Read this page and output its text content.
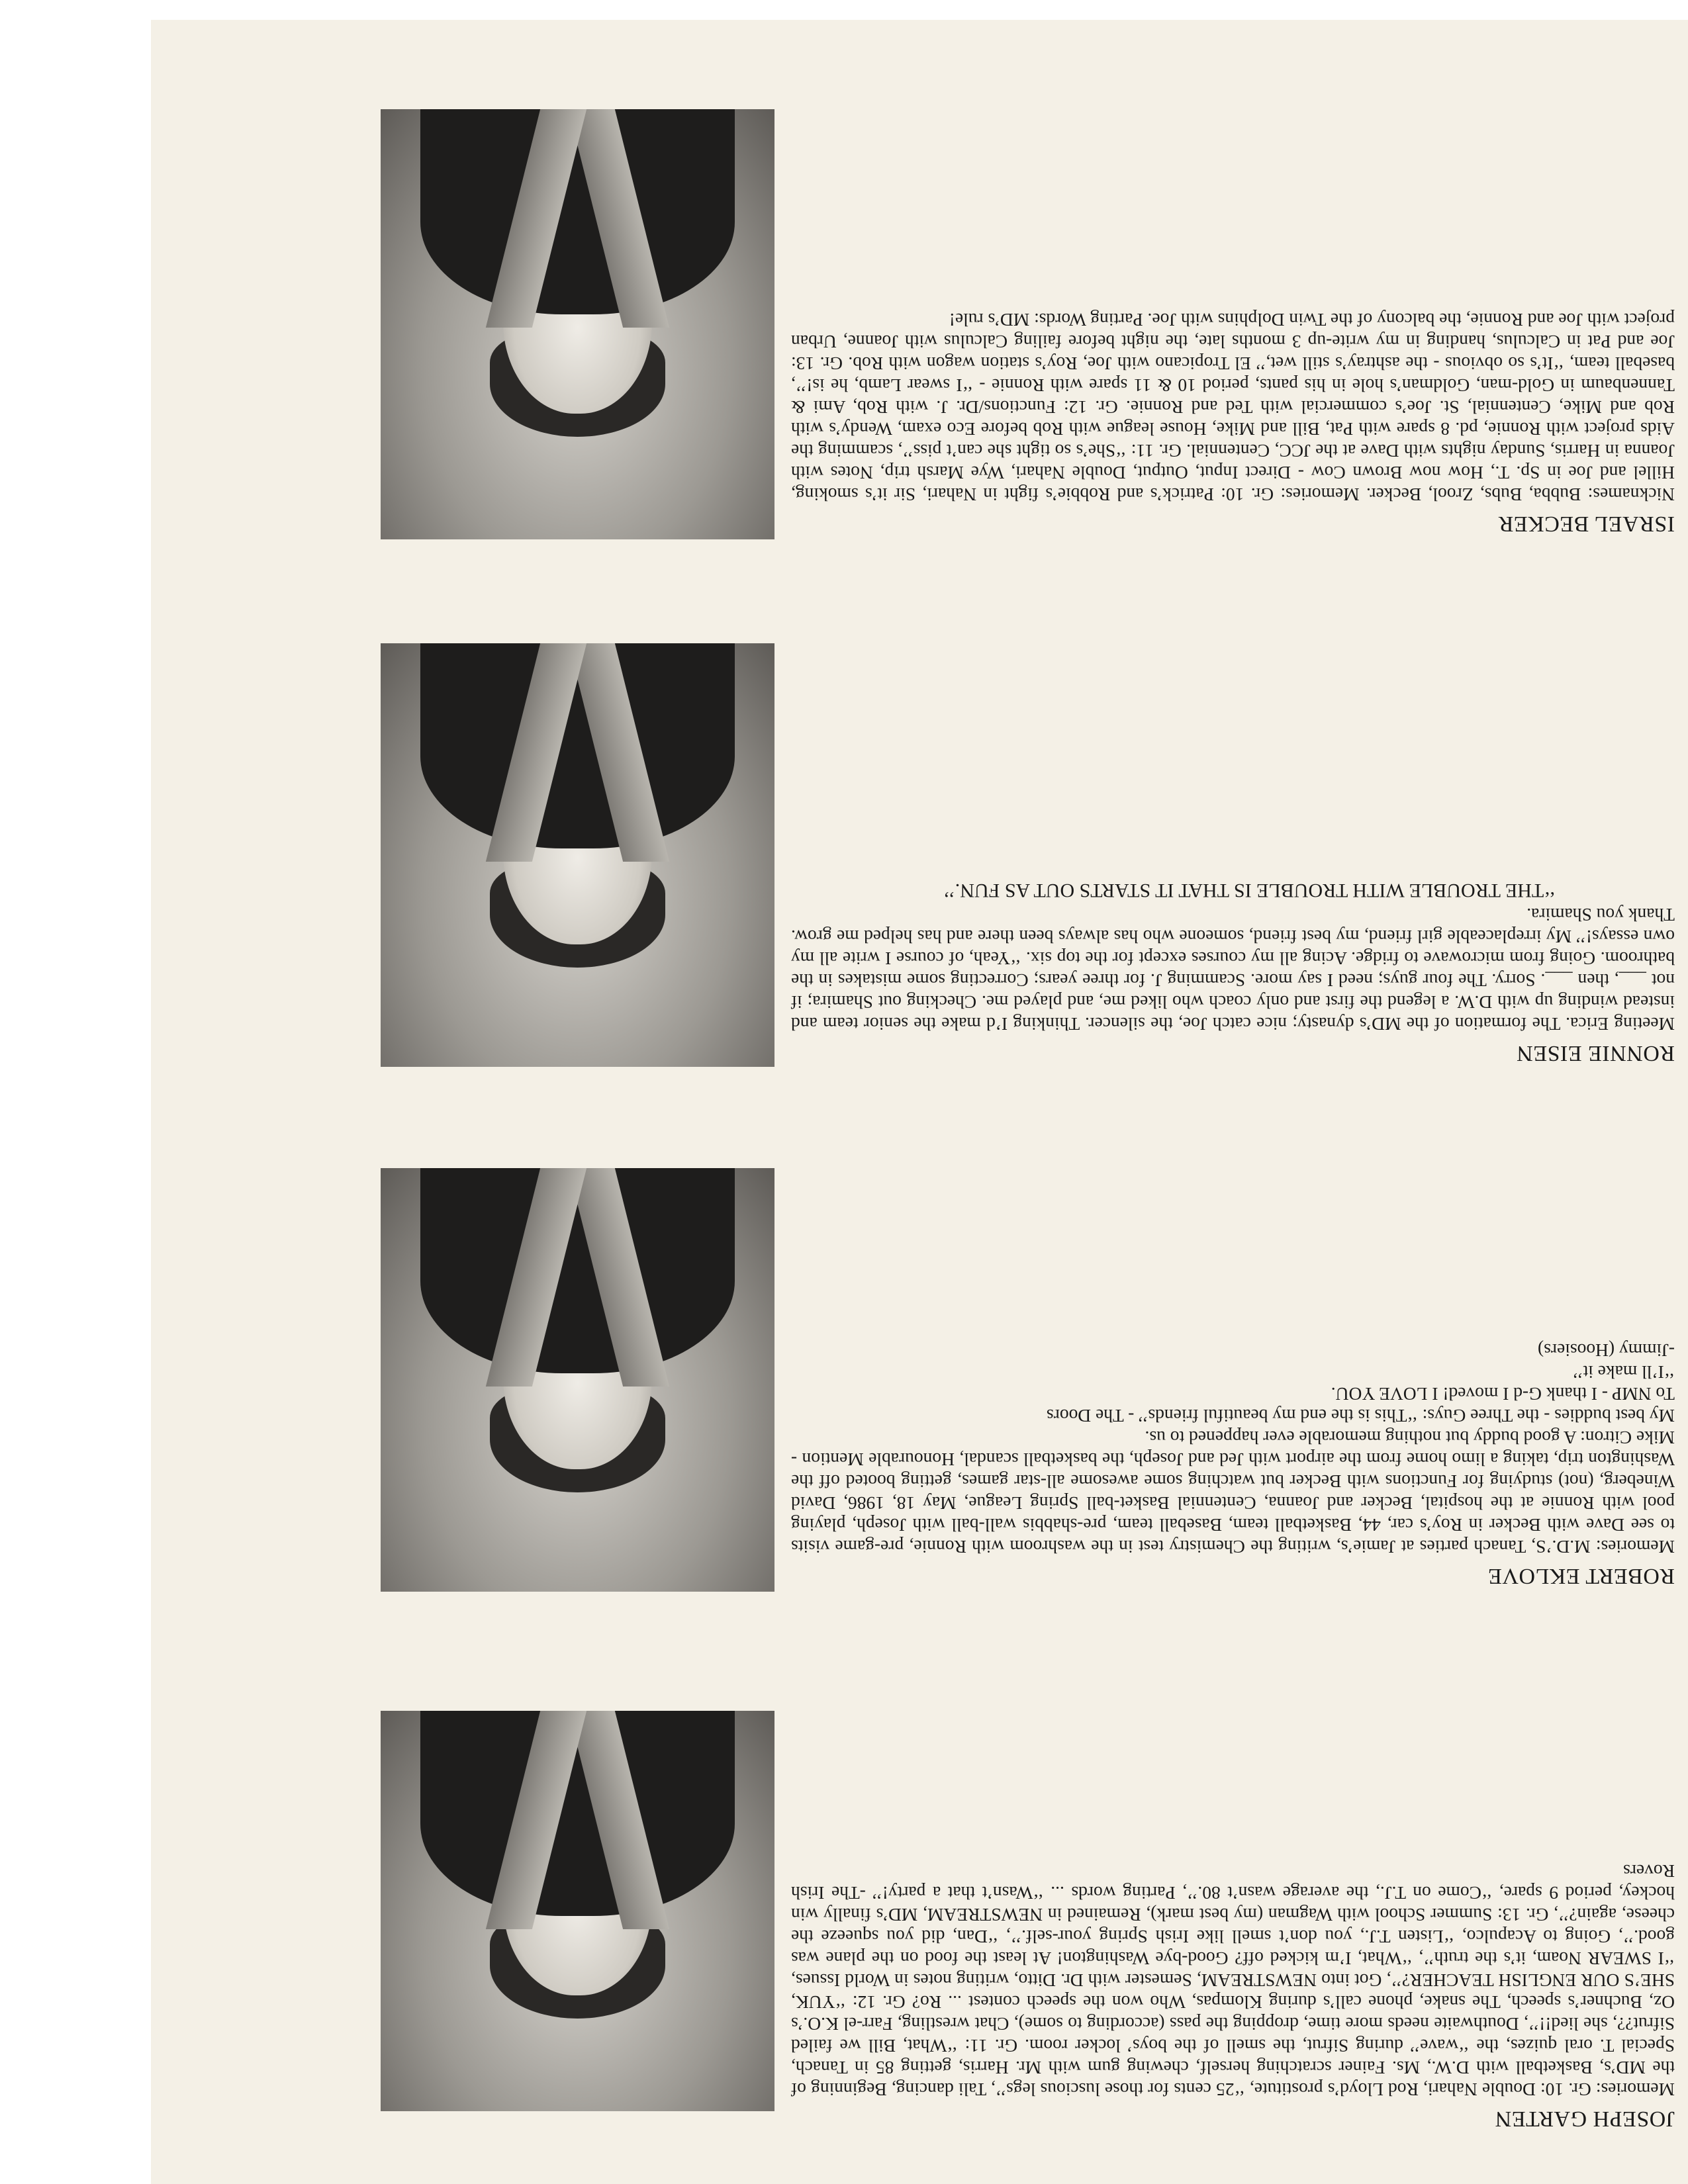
JOSEPH GARTEN

Memories: Gr. 10: Double Nahari, Rod Lloyd’s prostitute, ‘‘25 cents for those luscious legs’’, Tali dancing, Beginning of the MD’s, Basketball with D.W., Ms. Fainer scratching herself, chewing gum with Mr. Harris, getting 85 in Tanach, Special T. oral quizes, the ‘‘wave’’ during Sifrut, the smell of the boys’ locker room. Gr. 11: ‘‘What, Bill we failed Sifrut??, she lied!!’’, Douthwaite needs more time, dropping the pass (according to some), Chat wrestling, Farr-el K.O.’s Oz, Buchner’s speech, The snake, phone call’s during Klompas, Who won the speech contest ... Ro? Gr. 12: ‘‘YUK, SHE’S OUR ENGLISH TEACHER?’’, Got into NEWSTREAM, Semester with Dr. Ditto, writing notes in World Issues, ‘‘I SWEAR Noam, it’s the truth’’, ‘‘What, I’m kicked off? Good-bye Washington! At least the food on the plane was good.’’, Going to Acapulco, ‘‘Listen T.J., you don’t smell like Irish Spring your-self.’’, ‘‘Dan, did you squeeze the cheese, again?’’, Gr. 13: Summer School with Wagman (my best mark), Remained in NEWSTREAM, MD’s finally win hockey, period 9 spare, ‘‘Come on T.J., the average wasn’t 80.’’, Parting words ... ‘‘Wasn’t that a party!’’ -The Irish Rovers

ROBERT EKLOVE

Memories: M.D.’S, Tanach parties at Jamie’s, writing the Chemistry test in the washroom with Ronnie, pre-game visits to see Dave with Becker in Roy’s car, 44, Basketball team, Baseball team, pre-shabbis wall-ball with Joseph, playing pool with Ronnie at the hospital, Becker and Joanna, Centennial Basket-ball Spring League, May 18, 1986, David Wineberg, (not) studying for Functions with Becker but watching some awesome all-star games, getting booted off the Washington trip, taking a limo home from the airport with Jed and Joseph, the basketball scandal, Honourable Mention - Mike Citron: A good buddy but nothing memorable ever happened to us.
My best buddies - the Three Guys: ‘‘This is the end my beautiful friends’’ - The Doors
To NMP - I thank G-d I moved! I LOVE YOU.
‘‘I’ll make it’’
-Jimmy (Hoosiers)

RONNIE EISEN

Meeting Erica. The formation of the MD’s dynasty; nice catch Joe, the silencer. Thinking I’d make the senior team and instead winding up with D.W. a legend the first and only coach who liked me, and played me. Checking out Shamira; if not ___, then ___. Sorry. The four guys; need I say more. Scamming J. for three years; Correcting some mistakes in the bathroom. Going from microwave to fridge. Acing all my courses except for the top six. ‘‘Yeah, of course I write all my own essays!’’ My irreplaceable girl friend, my best friend, someone who has always been there and has helped me grow. Thank you Shamira.

‘‘THE TROUBLE WITH TROUBLE IS THAT IT STARTS OUT AS FUN.’’
ISRAEL BECKER

Nicknames: Bubba, Bubs, Zrool, Becker. Memories: Gr. 10: Patrick’s and Robbie’s fight in Nahari, Sir it’s smoking, Hillel and Joe in Sp. T., How now Brown Cow - Direct Input, Output, Double Nahari, Wye Marsh trip, Notes with Joanna in Harris, Sunday nights with Dave at the JCC, Centennial. Gr. 11: ‘‘She’s so tight she can’t piss’’, scamming the Aids project with Ronnie, pd. 8 spare with Pat, Bill and Mike, House league with Rob before Eco exam, Wendy’s with Rob and Mike, Centennial, St. Joe’s commercial with Ted and Ronnie. Gr. 12: Functions/Dr. J. with Rob, Ami & Tannenbaum in Gold-man, Goldman’s hole in his pants, period 10 & 11 spare with Ronnie - ‘‘I swear Lamb, he is!’’, baseball team, ‘‘It’s so obvious - the ashtray’s still wet,’’ El Tropicano with Joe, Roy’s station wagon with Rob. Gr. 13: Joe and Pat in Calculus, handing in my write-up 3 months late, the night before failing Calculus with Joanne, Urban project with Joe and Ronnie, the balcony of the Twin Dolphins with Joe. Parting Words: MD’s rule!
